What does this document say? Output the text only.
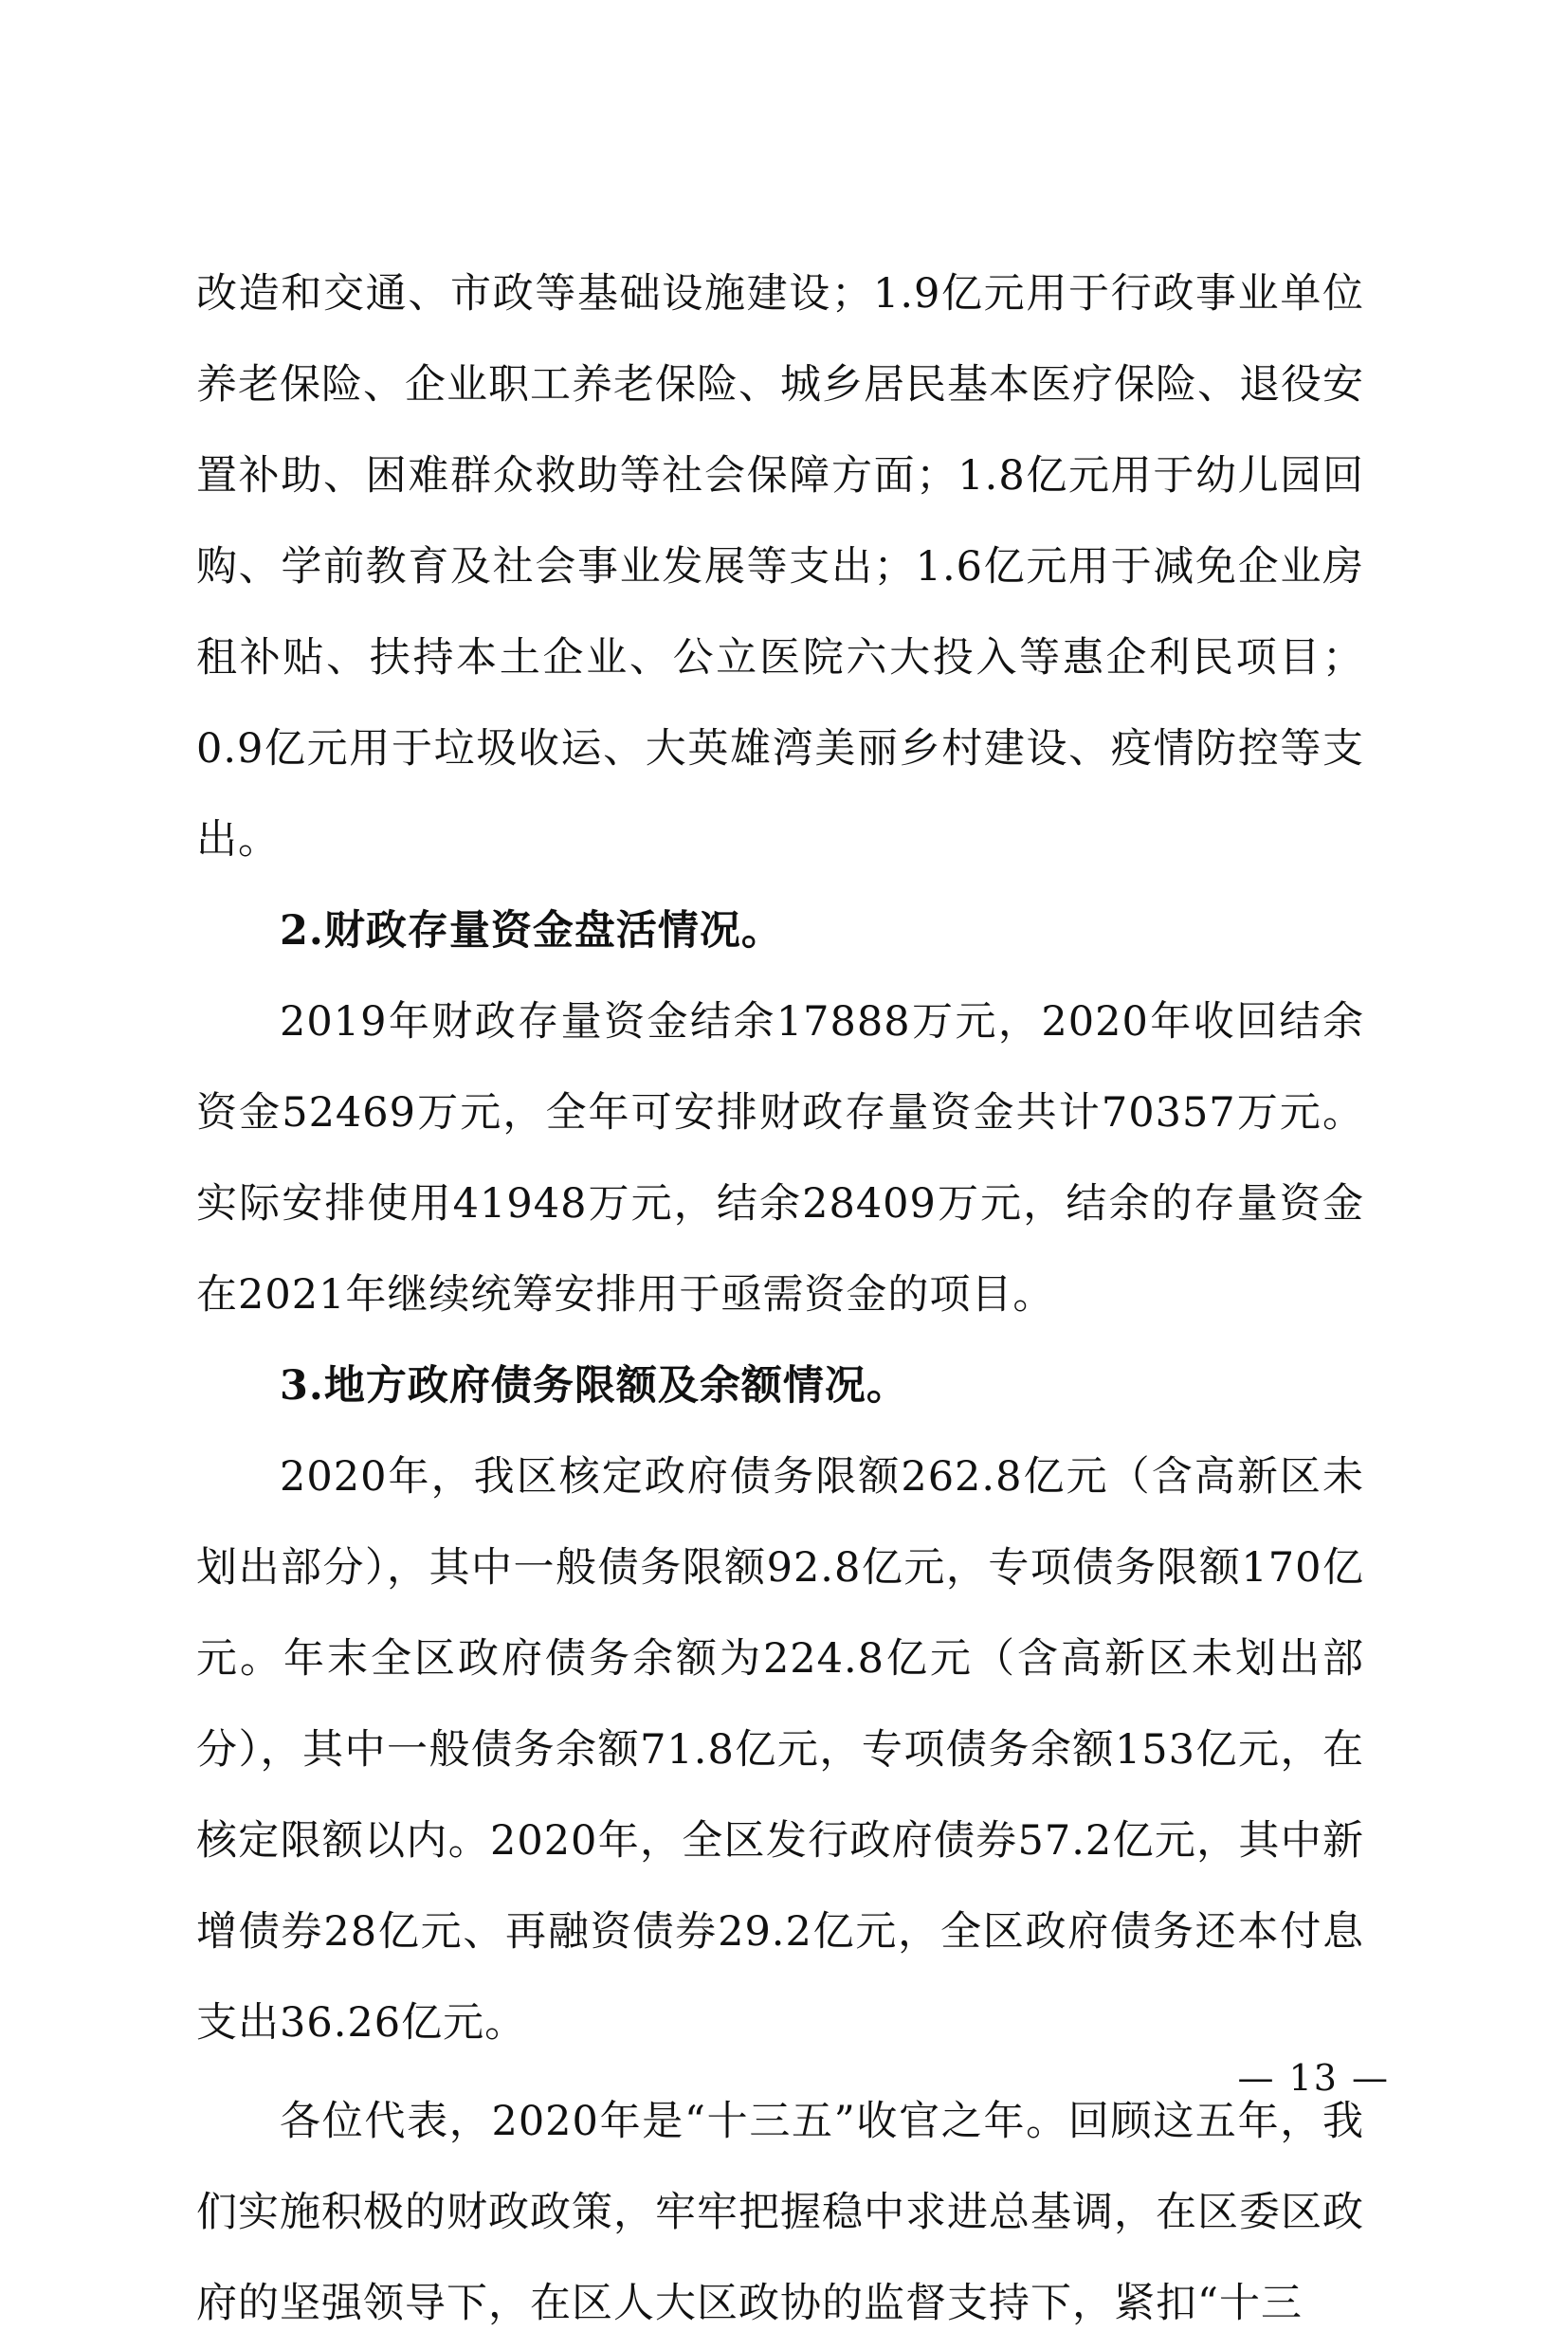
改造和交通、市政等基础设施建设；1.9亿元用于行政事业单位养老保险、企业职工养老保险、城乡居民基本医疗保险、退役安置补助、困难群众救助等社会保障方面；1.8亿元用于幼儿园回购、学前教育及社会事业发展等支出；1.6亿元用于减免企业房租补贴、扶持本土企业、公立医院六大投入等惠企利民项目；0.9亿元用于垃圾收运、大英雄湾美丽乡村建设、疫情防控等支出。

2.财政存量资金盘活情况。

2019年财政存量资金结余17888万元，2020年收回结余资金52469万元，全年可安排财政存量资金共计70357万元。实际安排使用41948万元，结余28409万元，结余的存量资金在2021年继续统筹安排用于亟需资金的项目。

3.地方政府债务限额及余额情况。

2020年，我区核定政府债务限额262.8亿元（含高新区未划出部分），其中一般债务限额92.8亿元，专项债务限额170亿元。年末全区政府债务余额为224.8亿元（含高新区未划出部分），其中一般债务余额71.8亿元，专项债务余额153亿元，在核定限额以内。2020年，全区发行政府债券57.2亿元，其中新增债券28亿元、再融资债券29.2亿元，全区政府债务还本付息支出36.26亿元。

各位代表，2020年是“十三五”收官之年。回顾这五年，我们实施积极的财政政策，牢牢把握稳中求进总基调，在区委区政府的坚强领导下，在区人大区政协的监督支持下，紧扣“十三

— 13 —
